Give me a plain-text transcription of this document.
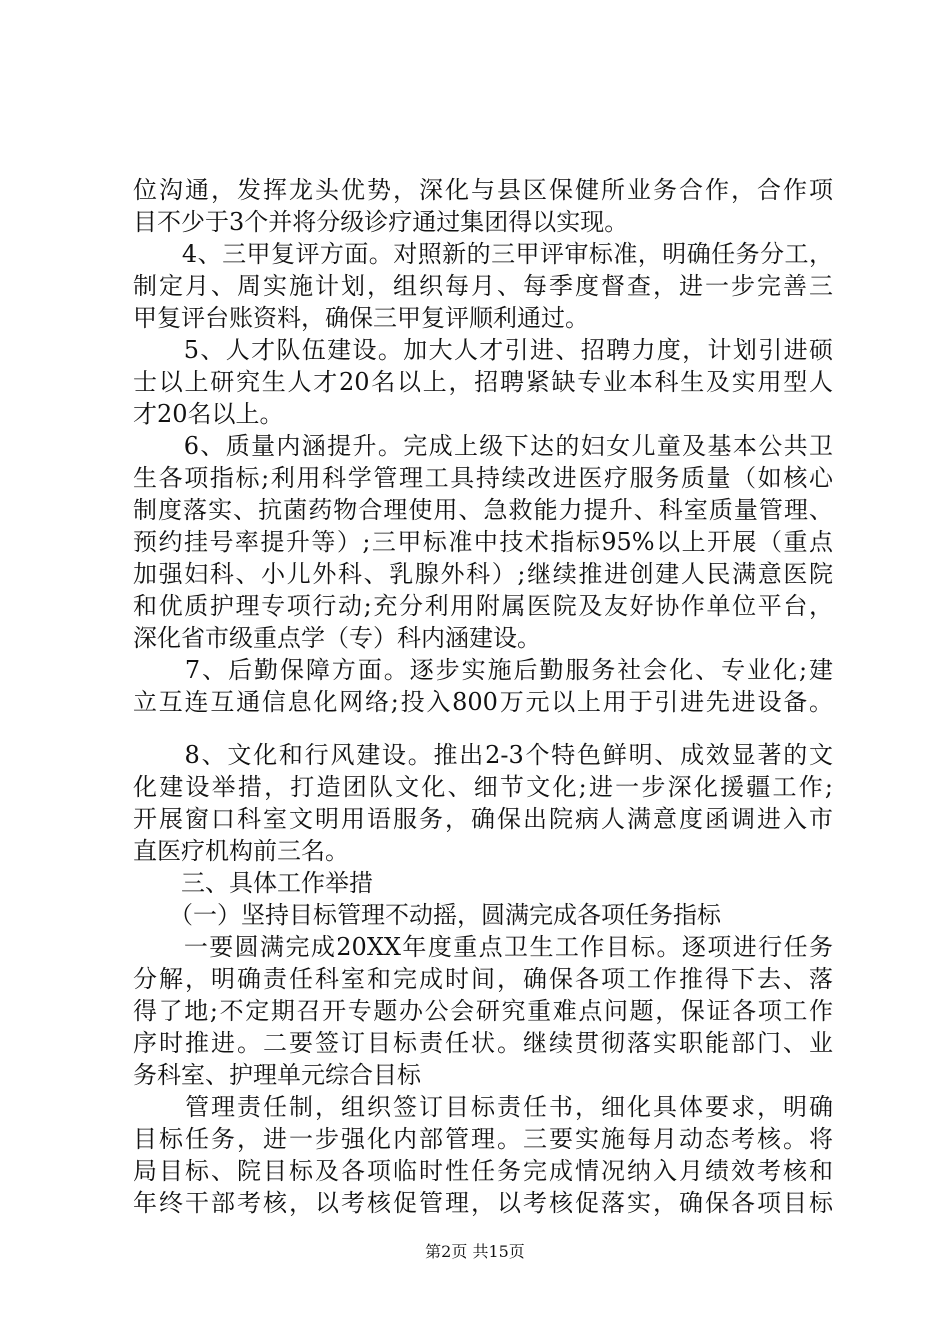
位沟通，发挥龙头优势，深化与县区保健所业务合作，合作项
目不少于3个并将分级诊疗通过集团得以实现。
　　4、三甲复评方面。对照新的三甲评审标准，明确任务分工，
制定月、周实施计划，组织每月、每季度督查，进一步完善三
甲复评台账资料，确保三甲复评顺利通过。
　　5、人才队伍建设。加大人才引进、招聘力度，计划引进硕
士以上研究生人才20名以上，招聘紧缺专业本科生及实用型人
才20名以上。
　　6、质量内涵提升。完成上级下达的妇女儿童及基本公共卫
生各项指标;利用科学管理工具持续改进医疗服务质量（如核心
制度落实、抗菌药物合理使用、急救能力提升、科室质量管理、
预约挂号率提升等）;三甲标准中技术指标95%以上开展（重点
加强妇科、小儿外科、乳腺外科）;继续推进创建人民满意医院
和优质护理专项行动;充分利用附属医院及友好协作单位平台，
深化省市级重点学（专）科内涵建设。
　　7、后勤保障方面。逐步实施后勤服务社会化、专业化;建
立互连互通信息化网络;投入800万元以上用于引进先进设备。
　　8、文化和行风建设。推出2-3个特色鲜明、成效显著的文
化建设举措，打造团队文化、细节文化;进一步深化援疆工作;
开展窗口科室文明用语服务，确保出院病人满意度函调进入市
直医疗机构前三名。
　　三、具体工作举措
　　（一）坚持目标管理不动摇，圆满完成各项任务指标
　　一要圆满完成20XX年度重点卫生工作目标。逐项进行任务
分解，明确责任科室和完成时间，确保各项工作推得下去、落
得了地;不定期召开专题办公会研究重难点问题，保证各项工作
序时推进。二要签订目标责任状。继续贯彻落实职能部门、业
务科室、护理单元综合目标
　　管理责任制，组织签订目标责任书，细化具体要求，明确
目标任务，进一步强化内部管理。三要实施每月动态考核。将
局目标、院目标及各项临时性任务完成情况纳入月绩效考核和
年终干部考核，以考核促管理，以考核促落实，确保各项目标
第2页 共15页
